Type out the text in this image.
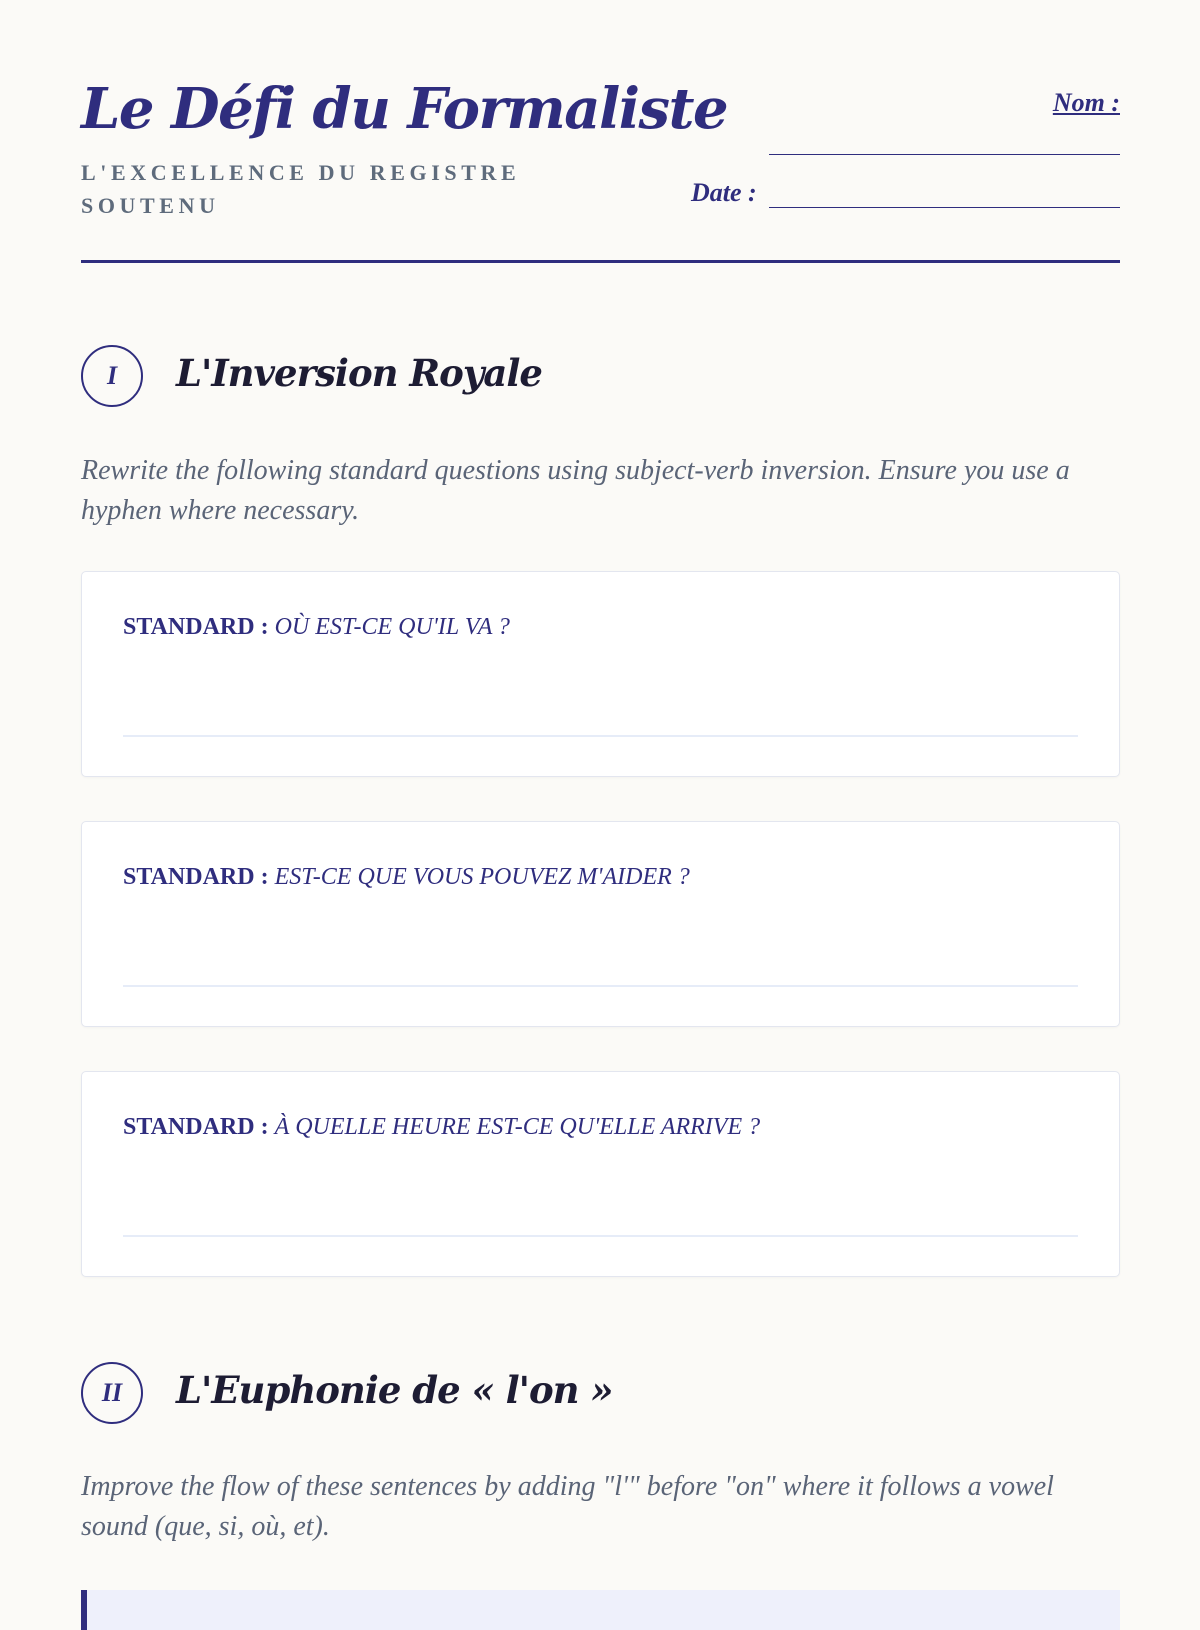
Le Défi du Formaliste

L'EXCELLENCE DU REGISTRE SOUTENU

Nom :
Date :
I	L'Inversion Royale

Rewrite the following standard questions using subject-verb inversion. Ensure you use a hyphen where necessary.

STANDARD : OÙ EST-CE QU'IL VA ?
STANDARD : EST-CE QUE VOUS POUVEZ M'AIDER ?
STANDARD : À QUELLE HEURE EST-CE QU'ELLE ARRIVE ?
II	L'Euphonie de « l'on »

Improve the flow of these sentences by adding "l'" before "on" where it follows a vowel sound (que, si, où, et).
